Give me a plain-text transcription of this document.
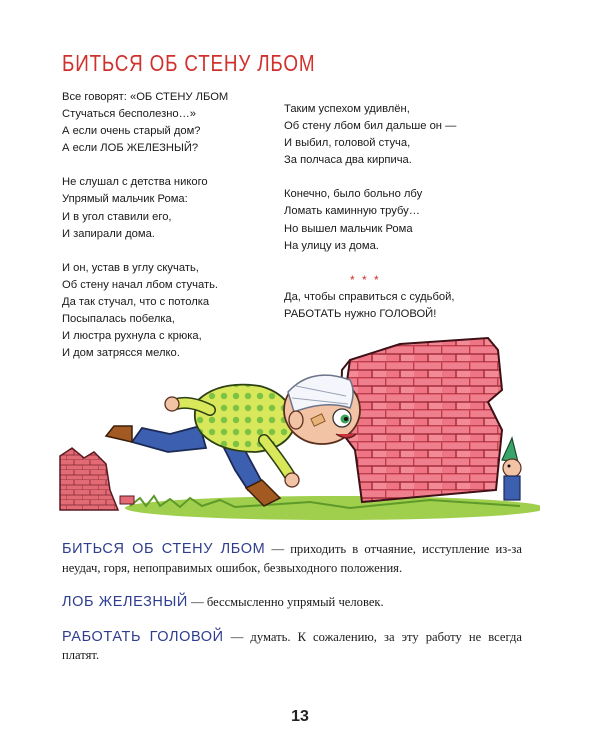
БИТЬСЯ ОБ СТЕНУ ЛБОМ
Все говорят: «ОБ СТЕНУ ЛБОМ
Стучаться бесполезно…»
А если очень старый дом?
А если ЛОБ ЖЕЛЕЗНЫЙ?
Не слушал с детства никого
Упрямый мальчик Рома:
И в угол ставили его,
И запирали дома.
И он, устав в углу скучать,
Об стену начал лбом стучать.
Да так стучал, что с потолка
Посыпалась побелка,
И люстра рухнула с крюка,
И дом затрясся мелко.
Таким успехом удивлён,
Об стену лбом бил дальше он —
И выбил, головой стуча,
За полчаса два кирпича.
Конечно, было больно лбу
Ломать каминную трубу…
Но вышел мальчик Рома
На улицу из дома.
* * *
Да, чтобы справиться с судьбой,
РАБОТАТЬ нужно ГОЛОВОЙ!
БИТЬСЯ ОБ СТЕНУ ЛБОМ — приходить в отчаяние, исступление из-за неудач, горя, непоправимых ошибок, безвыходного положения.
ЛОБ ЖЕЛЕЗНЫЙ — бессмысленно упрямый человек.
РАБОТАТЬ ГОЛОВОЙ — думать. К сожалению, за эту работу не всегда платят.
13
